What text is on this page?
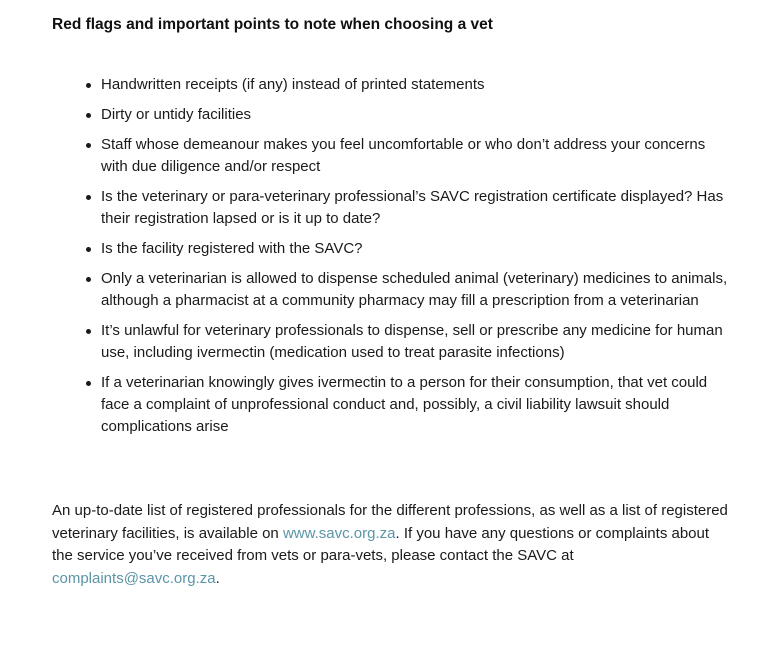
Red flags and important points to note when choosing a vet
Handwritten receipts (if any) instead of printed statements
Dirty or untidy facilities
Staff whose demeanour makes you feel uncomfortable or who don’t address your concerns with due diligence and/or respect
Is the veterinary or para-veterinary professional’s SAVC registration certificate displayed? Has their registration lapsed or is it up to date?
Is the facility registered with the SAVC?
Only a veterinarian is allowed to dispense scheduled animal (veterinary) medicines to animals, although a pharmacist at a community pharmacy may fill a prescription from a veterinarian
It’s unlawful for veterinary professionals to dispense, sell or prescribe any medicine for human use, including ivermectin (medication used to treat parasite infections)
If a veterinarian knowingly gives ivermectin to a person for their consumption, that vet could face a complaint of unprofessional conduct and, possibly, a civil liability lawsuit should complications arise

An up-to-date list of registered professionals for the different professions, as well as a list of registered veterinary facilities, is available on www.savc.org.za. If you have any questions or complaints about the service you’ve received from vets or para-vets, please contact the SAVC at complaints@savc.org.za.
